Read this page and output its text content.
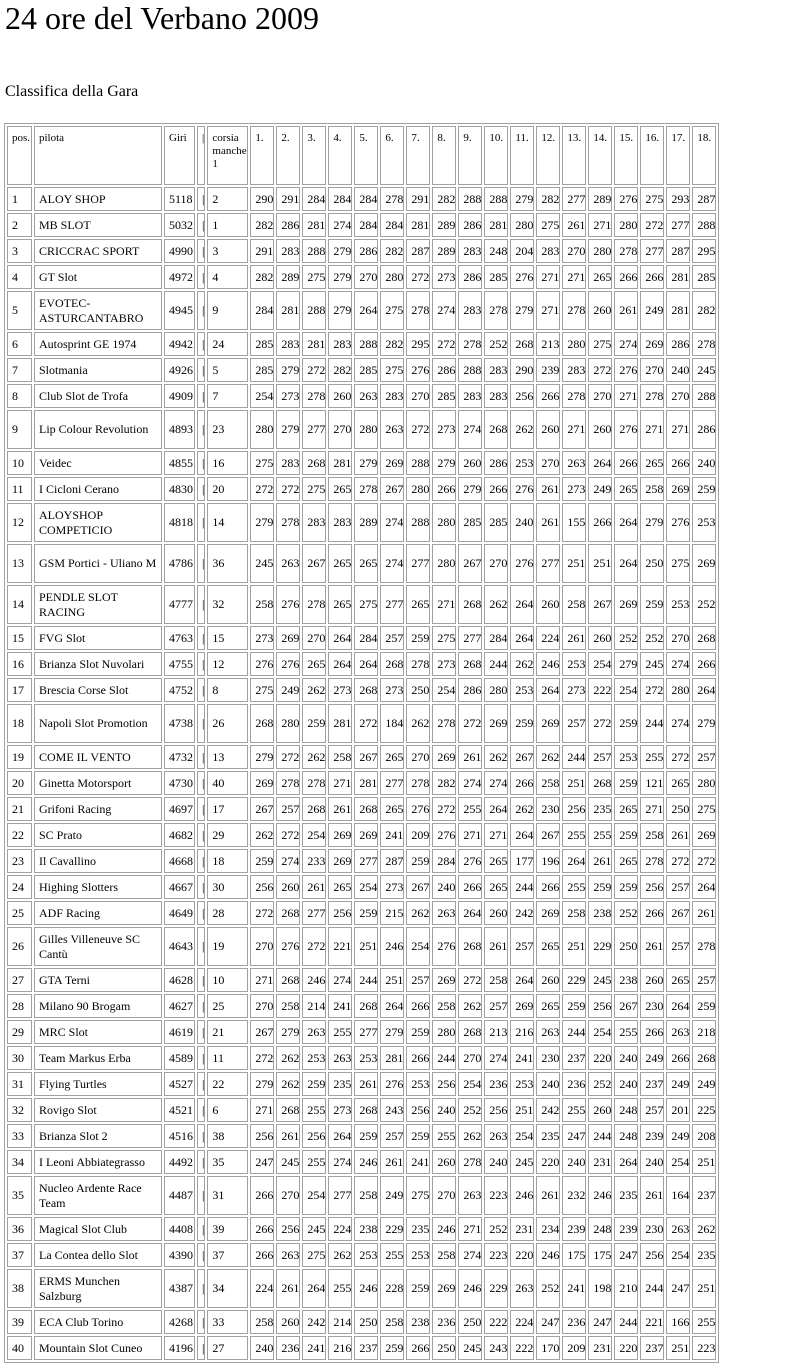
24 ore del Verbano 2009
Classifica della Gara
pos.	pilota	Giri	|	corsia manche 1	1.	2.	3.	4.	5.	6.	7.	8.	9.	10.	11.	12.	13.	14.	15.	16.	17.	18.
1	ALOY SHOP	5118	|	2	290	291	284	284	284	278	291	282	288	288	279	282	277	289	276	275	293	287
2	MB SLOT	5032	|	1	282	286	281	274	284	284	281	289	286	281	280	275	261	271	280	272	277	288
3	CRICCRAC SPORT	4990	|	3	291	283	288	279	286	282	287	289	283	248	204	283	270	280	278	277	287	295
4	GT Slot	4972	|	4	282	289	275	279	270	280	272	273	286	285	276	271	271	265	266	266	281	285
5	EVOTEC-ASTURCANTABRO	4945	|	9	284	281	288	279	264	275	278	274	283	278	279	271	278	260	261	249	281	282
6	Autosprint GE 1974	4942	|	24	285	283	281	283	288	282	295	272	278	252	268	213	280	275	274	269	286	278
7	Slotmania	4926	|	5	285	279	272	282	285	275	276	286	288	283	290	239	283	272	276	270	240	245
8	Club Slot de Trofa	4909	|	7	254	273	278	260	263	283	270	285	283	283	256	266	278	270	271	278	270	288
9	Lip Colour Revolution	4893	|	23	280	279	277	270	280	263	272	273	274	268	262	260	271	260	276	271	271	286
10	Veidec	4855	|	16	275	283	268	281	279	269	288	279	260	286	253	270	263	264	266	265	266	240
11	I Cicloni Cerano	4830	|	20	272	272	275	265	278	267	280	266	279	266	276	261	273	249	265	258	269	259
12	ALOYSHOP COMPETICIO	4818	|	14	279	278	283	283	289	274	288	280	285	285	240	261	155	266	264	279	276	253
13	GSM Portici - Uliano M	4786	|	36	245	263	267	265	265	274	277	280	267	270	276	277	251	251	264	250	275	269
14	PENDLE SLOT RACING	4777	|	32	258	276	278	265	275	277	265	271	268	262	264	260	258	267	269	259	253	252
15	FVG Slot	4763	|	15	273	269	270	264	284	257	259	275	277	284	264	224	261	260	252	252	270	268
16	Brianza Slot Nuvolari	4755	|	12	276	276	265	264	264	268	278	273	268	244	262	246	253	254	279	245	274	266
17	Brescia Corse Slot	4752	|	8	275	249	262	273	268	273	250	254	286	280	253	264	273	222	254	272	280	264
18	Napoli Slot Promotion	4738	|	26	268	280	259	281	272	184	262	278	272	269	259	269	257	272	259	244	274	279
19	COME IL VENTO	4732	|	13	279	272	262	258	267	265	270	269	261	262	267	262	244	257	253	255	272	257
20	Ginetta Motorsport	4730	|	40	269	278	278	271	281	277	278	282	274	274	266	258	251	268	259	121	265	280
21	Grifoni Racing	4697	|	17	267	257	268	261	268	265	276	272	255	264	262	230	256	235	265	271	250	275
22	SC Prato	4682	|	29	262	272	254	269	269	241	209	276	271	271	264	267	255	255	259	258	261	269
23	Il Cavallino	4668	|	18	259	274	233	269	277	287	259	284	276	265	177	196	264	261	265	278	272	272
24	Highing Slotters	4667	|	30	256	260	261	265	254	273	267	240	266	265	244	266	255	259	259	256	257	264
25	ADF Racing	4649	|	28	272	268	277	256	259	215	262	263	264	260	242	269	258	238	252	266	267	261
26	Gilles Villeneuve SC Cantù	4643	|	19	270	276	272	221	251	246	254	276	268	261	257	265	251	229	250	261	257	278
27	GTA Terni	4628	|	10	271	268	246	274	244	251	257	269	272	258	264	260	229	245	238	260	265	257
28	Milano 90 Brogam	4627	|	25	270	258	214	241	268	264	266	258	262	257	269	265	259	256	267	230	264	259
29	MRC Slot	4619	|	21	267	279	263	255	277	279	259	280	268	213	216	263	244	254	255	266	263	218
30	Team Markus Erba	4589	|	11	272	262	253	263	253	281	266	244	270	274	241	230	237	220	240	249	266	268
31	Flying Turtles	4527	|	22	279	262	259	235	261	276	253	256	254	236	253	240	236	252	240	237	249	249
32	Rovigo Slot	4521	|	6	271	268	255	273	268	243	256	240	252	256	251	242	255	260	248	257	201	225
33	Brianza Slot 2	4516	|	38	256	261	256	264	259	257	259	255	262	263	254	235	247	244	248	239	249	208
34	I Leoni Abbiategrasso	4492	|	35	247	245	255	274	246	261	241	260	278	240	245	220	240	231	264	240	254	251
35	Nucleo Ardente Race Team	4487	|	31	266	270	254	277	258	249	275	270	263	223	246	261	232	246	235	261	164	237
36	Magical Slot Club	4408	|	39	266	256	245	224	238	229	235	246	271	252	231	234	239	248	239	230	263	262
37	La Contea dello Slot	4390	|	37	266	263	275	262	253	255	253	258	274	223	220	246	175	175	247	256	254	235
38	ERMS Munchen Salzburg	4387	|	34	224	261	264	255	246	228	259	269	246	229	263	252	241	198	210	244	247	251
39	ECA Club Torino	4268	|	33	258	260	242	214	250	258	238	236	250	222	224	247	236	247	244	221	166	255
40	Mountain Slot Cuneo	4196	|	27	240	236	241	216	237	259	266	250	245	243	222	170	209	231	220	237	251	223
